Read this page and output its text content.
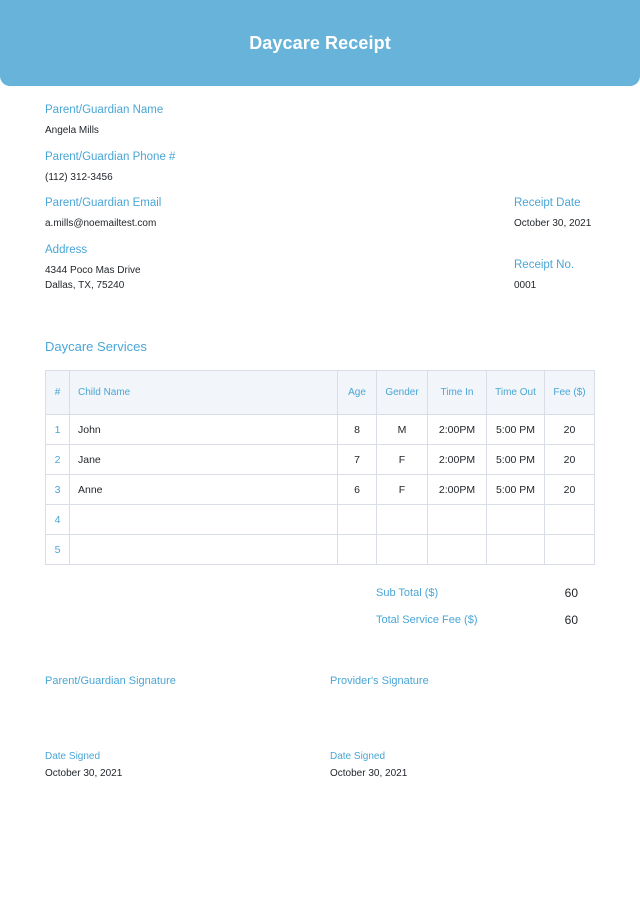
Daycare Receipt
Parent/Guardian Name
Angela Mills
Parent/Guardian Phone #
(112) 312-3456
Parent/Guardian Email
a.mills@noemailtest.com
Address
4344 Poco Mas Drive
Dallas, TX, 75240
Receipt Date
October 30, 2021
Receipt No.
0001
Daycare Services
#	Child Name	Age	Gender	Time In	Time Out	Fee ($)
1	John	8	M	2:00PM	5:00 PM	20
2	Jane	7	F	2:00PM	5:00 PM	20
3	Anne	6	F	2:00PM	5:00 PM	20
4						
5						
Sub Total ($)	60
Total Service Fee ($)	60
Parent/Guardian Signature	Provider's Signature
Date Signed
October 30, 2021
Date Signed
October 30, 2021
